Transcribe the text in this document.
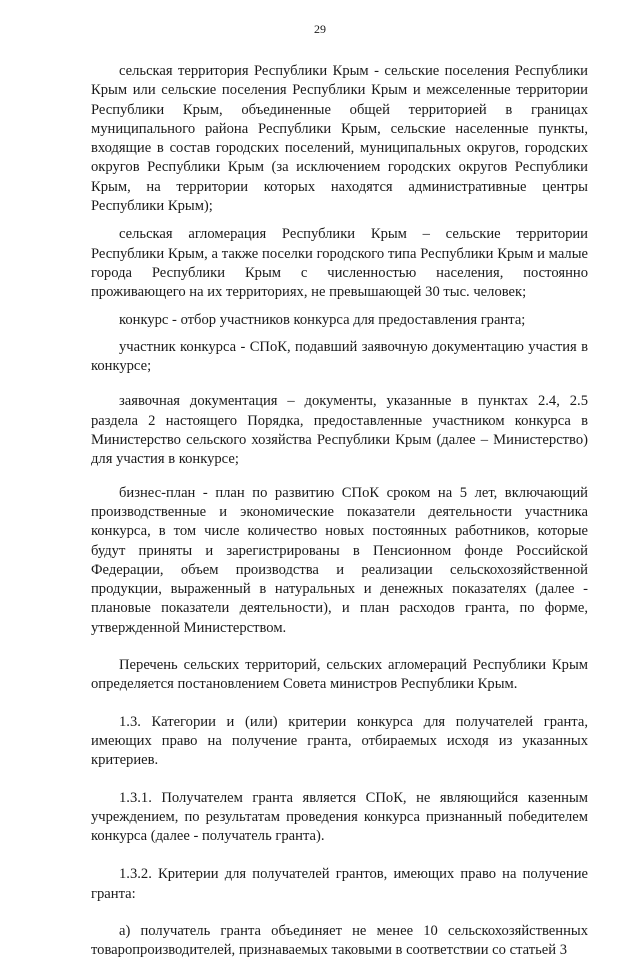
29

сельская территория Республики Крым - сельские поселения Республики Крым или сельские поселения Республики Крым и межселенные территории Республики Крым, объединенные общей территорией в границах муниципального района Республики Крым, сельские населенные пункты, входящие в состав городских поселений, муниципальных округов, городских округов Республики Крым (за исключением городских округов Республики Крым, на территории которых находятся административные центры Республики Крым);

сельская агломерация Республики Крым – сельские территории Республики Крым, а также поселки городского типа Республики Крым и малые города Республики Крым с численностью населения, постоянно проживающего на их территориях, не превышающей 30 тыс. человек;

конкурс - отбор участников конкурса для предоставления гранта;

участник конкурса - СПоК, подавший заявочную документацию участия в конкурсе;

заявочная документация – документы, указанные в пунктах 2.4, 2.5 раздела 2 настоящего Порядка, предоставленные участником конкурса в Министерство сельского хозяйства Республики Крым (далее – Министерство) для участия в конкурсе;

бизнес-план - план по развитию СПоК сроком на 5 лет, включающий производственные и экономические показатели деятельности участника конкурса, в том числе количество новых постоянных работников, которые будут приняты и зарегистрированы в Пенсионном фонде Российской Федерации, объем производства и реализации сельскохозяйственной продукции, выраженный в натуральных и денежных показателях (далее - плановые показатели деятельности), и план расходов гранта, по форме, утвержденной Министерством.

Перечень сельских территорий, сельских агломераций Республики Крым определяется постановлением Совета министров Республики Крым.

1.3. Категории и (или) критерии конкурса для получателей гранта, имеющих право на получение гранта, отбираемых исходя из указанных критериев.

1.3.1. Получателем гранта является СПоК, не являющийся казенным учреждением, по результатам проведения конкурса признанный победителем конкурса (далее - получатель гранта).

1.3.2. Критерии для получателей грантов, имеющих право на получение гранта:

а) получатель гранта объединяет не менее 10 сельскохозяйственных товаропроизводителей, признаваемых таковыми в соответствии со статьей 3
